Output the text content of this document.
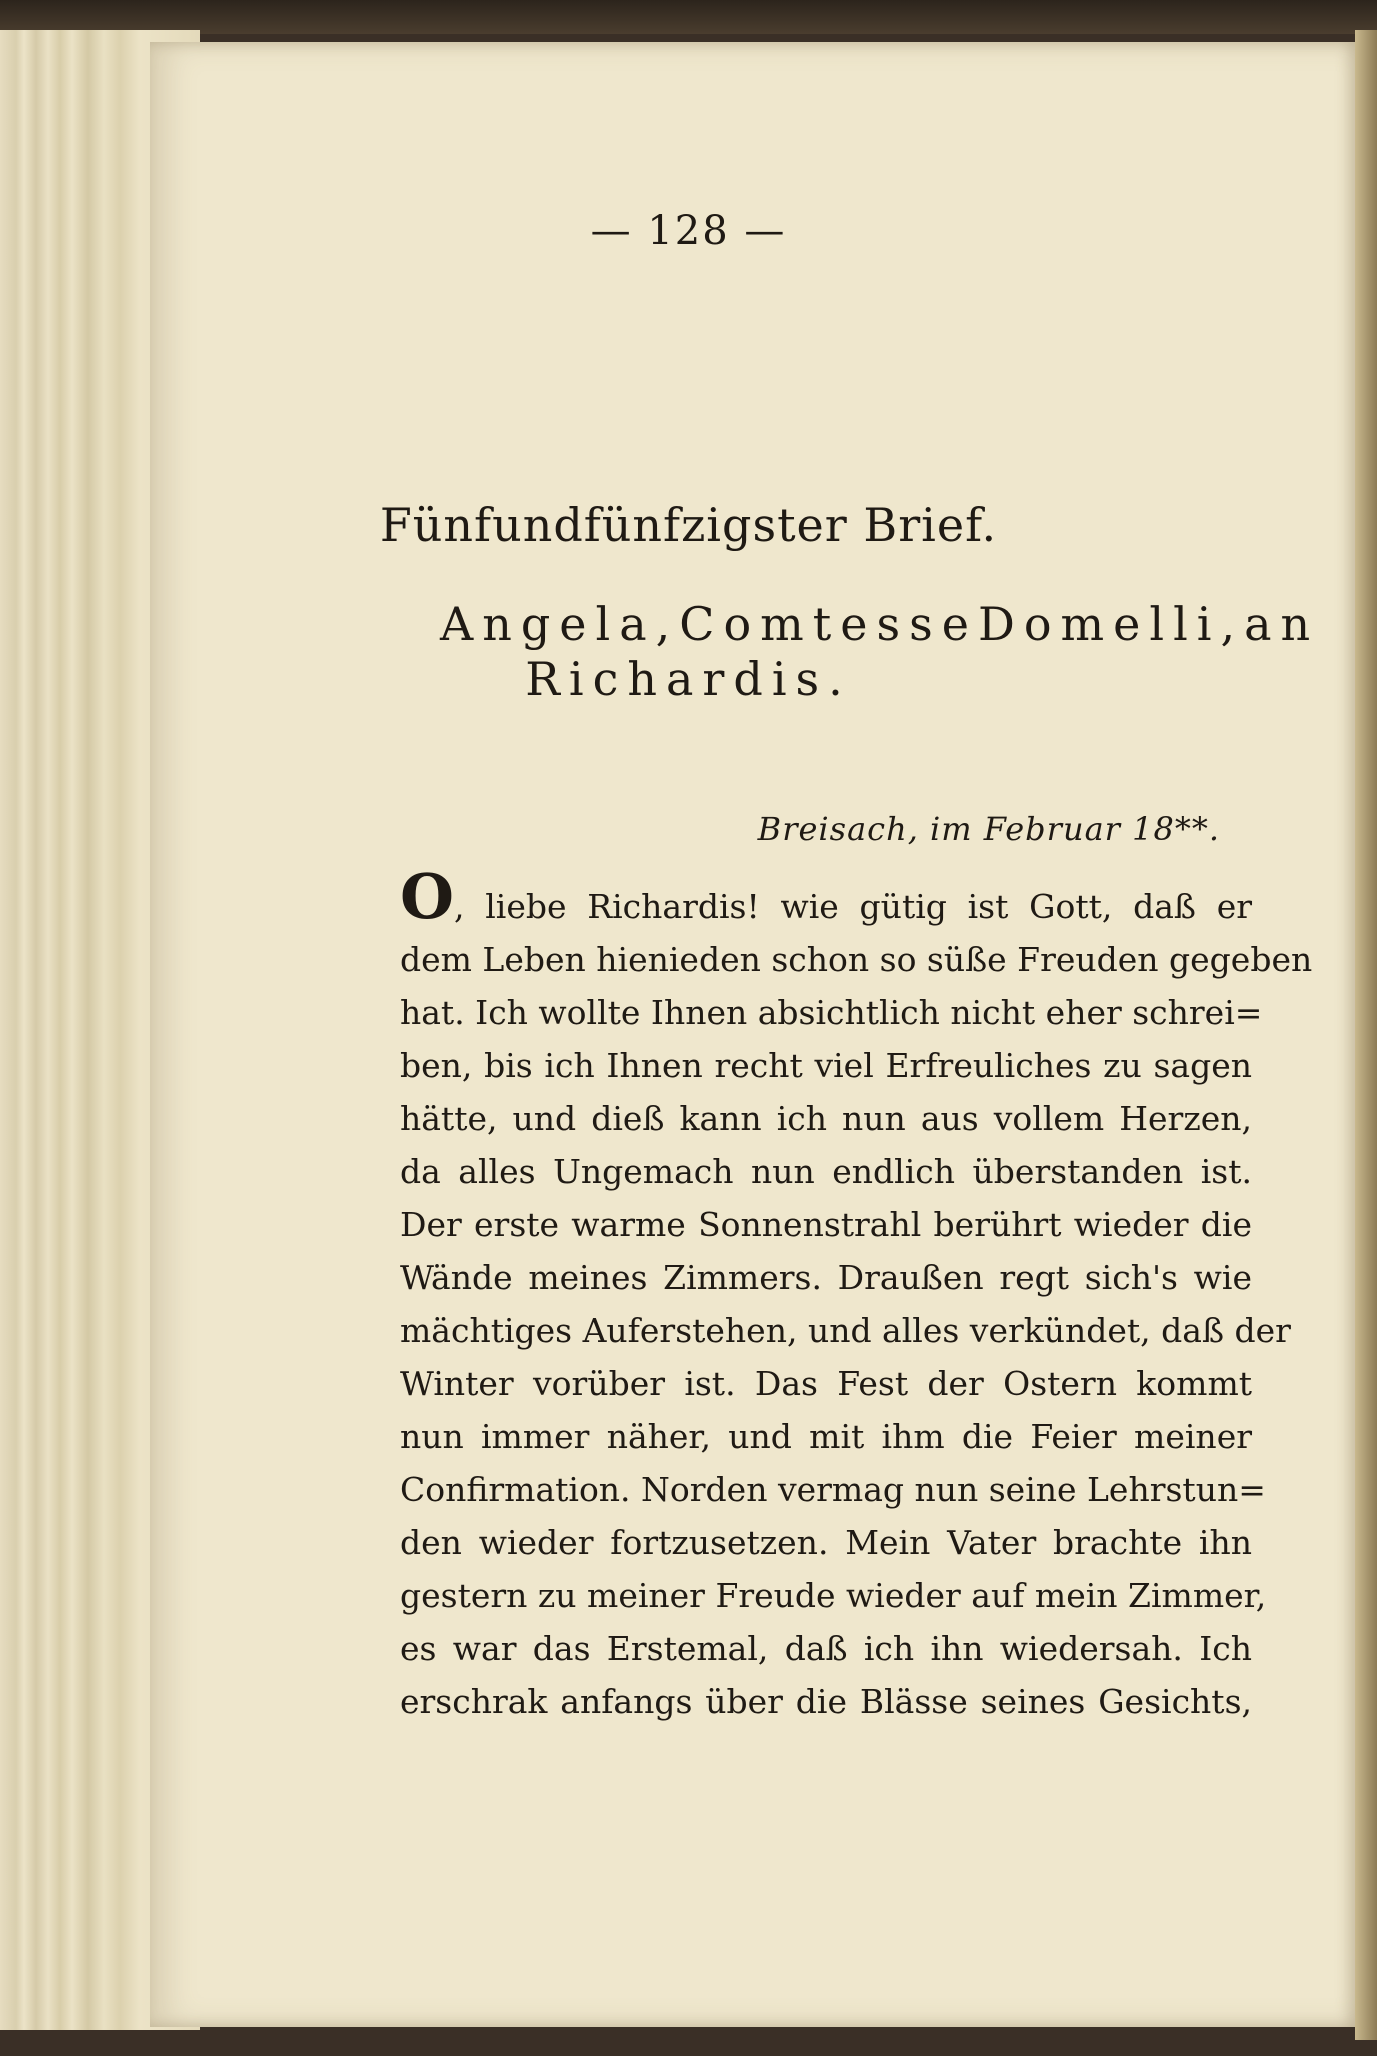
— 128 —
Fünfundfünfzigster Brief.
Angela, Comtesse Domelli, an
Richardis.
Breisach, im Februar 18**.
O, liebe Richardis! wie gütig ist Gott, daß er
dem Leben hienieden schon so süße Freuden gegeben
hat. Ich wollte Ihnen absichtlich nicht eher schrei=
ben, bis ich Ihnen recht viel Erfreuliches zu sagen
hätte, und dieß kann ich nun aus vollem Herzen,
da alles Ungemach nun endlich überstanden ist.
Der erste warme Sonnenstrahl berührt wieder die
Wände meines Zimmers. Draußen regt sich's wie
mächtiges Auferstehen, und alles verkündet, daß der
Winter vorüber ist. Das Fest der Ostern kommt
nun immer näher, und mit ihm die Feier meiner
Confirmation. Norden vermag nun seine Lehrstun=
den wieder fortzusetzen. Mein Vater brachte ihn
gestern zu meiner Freude wieder auf mein Zimmer,
es war das Erstemal, daß ich ihn wiedersah. Ich
erschrak anfangs über die Blässe seines Gesichts,
